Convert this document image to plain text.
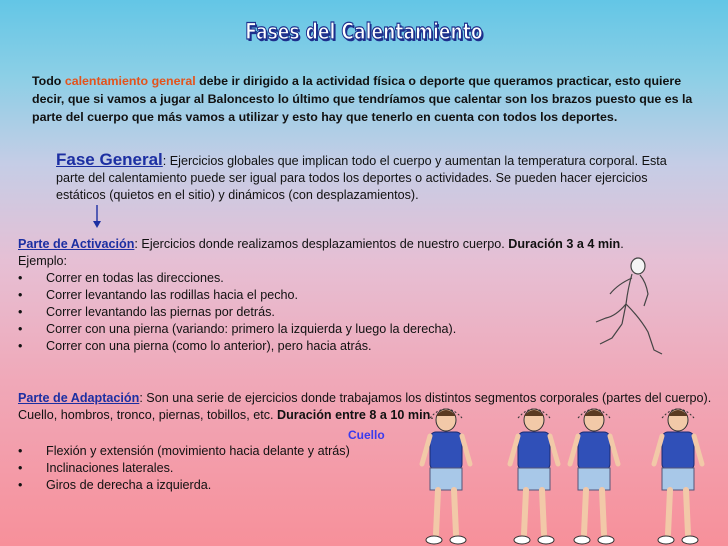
Fases del Calentamiento
Todo calentamiento general debe ir dirigido a la actividad física o deporte que queramos practicar, esto quiere decir, que si vamos a jugar al Baloncesto lo último que tendríamos que calentar son los brazos puesto que es la parte del cuerpo que más vamos a utilizar y esto hay que tenerlo en cuenta con todos los deportes.
Fase General: Ejercicios globales que implican todo el cuerpo y aumentan la temperatura corporal. Esta parte del calentamiento puede ser igual para todos los deportes o actividades. Se pueden hacer ejercicios estáticos (quietos en el sitio) y dinámicos (con desplazamientos).
Parte de Activación: Ejercicios donde realizamos desplazamientos de nuestro cuerpo. Duración 3 a 4 min.
Ejemplo:
• Correr en todas las direcciones.
• Correr levantando las rodillas hacia el pecho.
• Correr levantando las piernas por detrás.
• Correr con una pierna (variando: primero la izquierda y luego la derecha).
• Correr con una pierna (como lo anterior), pero hacia atrás.
Parte de Adaptación: Son una serie de ejercicios donde trabajamos los distintos segmentos corporales (partes del cuerpo). Cuello, hombros, tronco, piernas, tobillos, etc. Duración entre 8 a 10 min.
Cuello
• Flexión y extensión (movimiento hacia delante y atrás)
• Inclinaciones laterales.
• Giros de derecha a izquierda.
